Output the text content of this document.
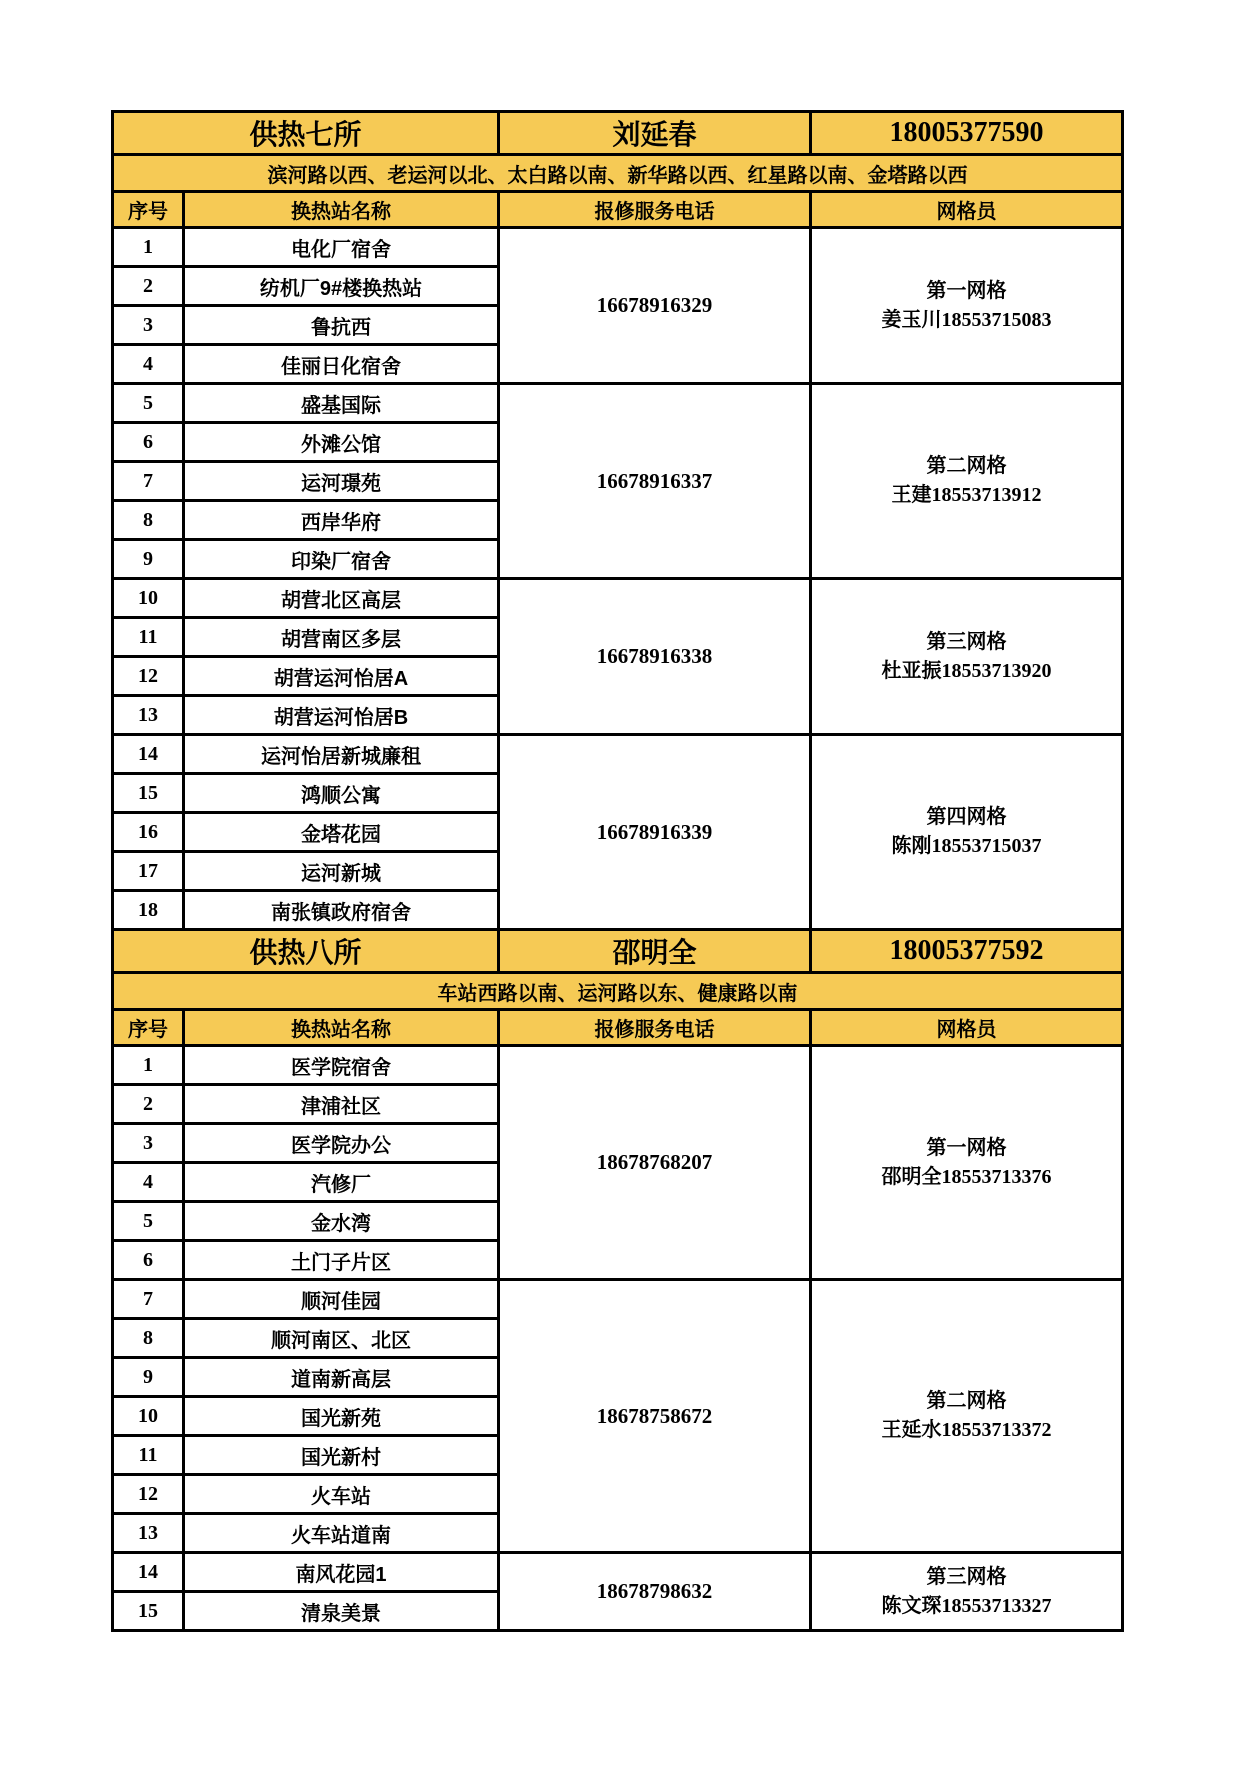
供热七所		刘延春	18005377590
滨河路以西、老运河以北、太白路以南、新华路以西、红星路以南、金塔路以西			
序号	换热站名称	报修服务电话	网格员
1	电化厂宿舍	16678916329	第一网格
姜玉川18553715083

2	纺机厂9#楼换热站		
3	鲁抗西		
4	佳丽日化宿舍		
5	盛基国际	16678916337	第二网格
王建18553713912

6	外滩公馆		
7	运河璟苑		
8	西岸华府		
9	印染厂宿舍		
10	胡营北区高层	16678916338	第三网格
杜亚振18553713920

11	胡营南区多层		
12	胡营运河怡居A		
13	胡营运河怡居B		
14	运河怡居新城廉租	16678916339	第四网格
陈刚18553715037

15	鸿顺公寓		
16	金塔花园		
17	运河新城		
18	南张镇政府宿舍		
供热八所		邵明全	18005377592
车站西路以南、运河路以东、健康路以南			
序号	换热站名称	报修服务电话	网格员
1	医学院宿舍	18678768207	第一网格
邵明全18553713376

2	津浦社区		
3	医学院办公		
4	汽修厂		
5	金水湾		
6	土门子片区		
7	顺河佳园	18678758672	第二网格
王延水18553713372

8	顺河南区、北区		
9	道南新高层		
10	国光新苑		
11	国光新村		
12	火车站		
13	火车站道南		
14	南风花园1	18678798632	第三网格
陈文琛18553713327

15	清泉美景		
